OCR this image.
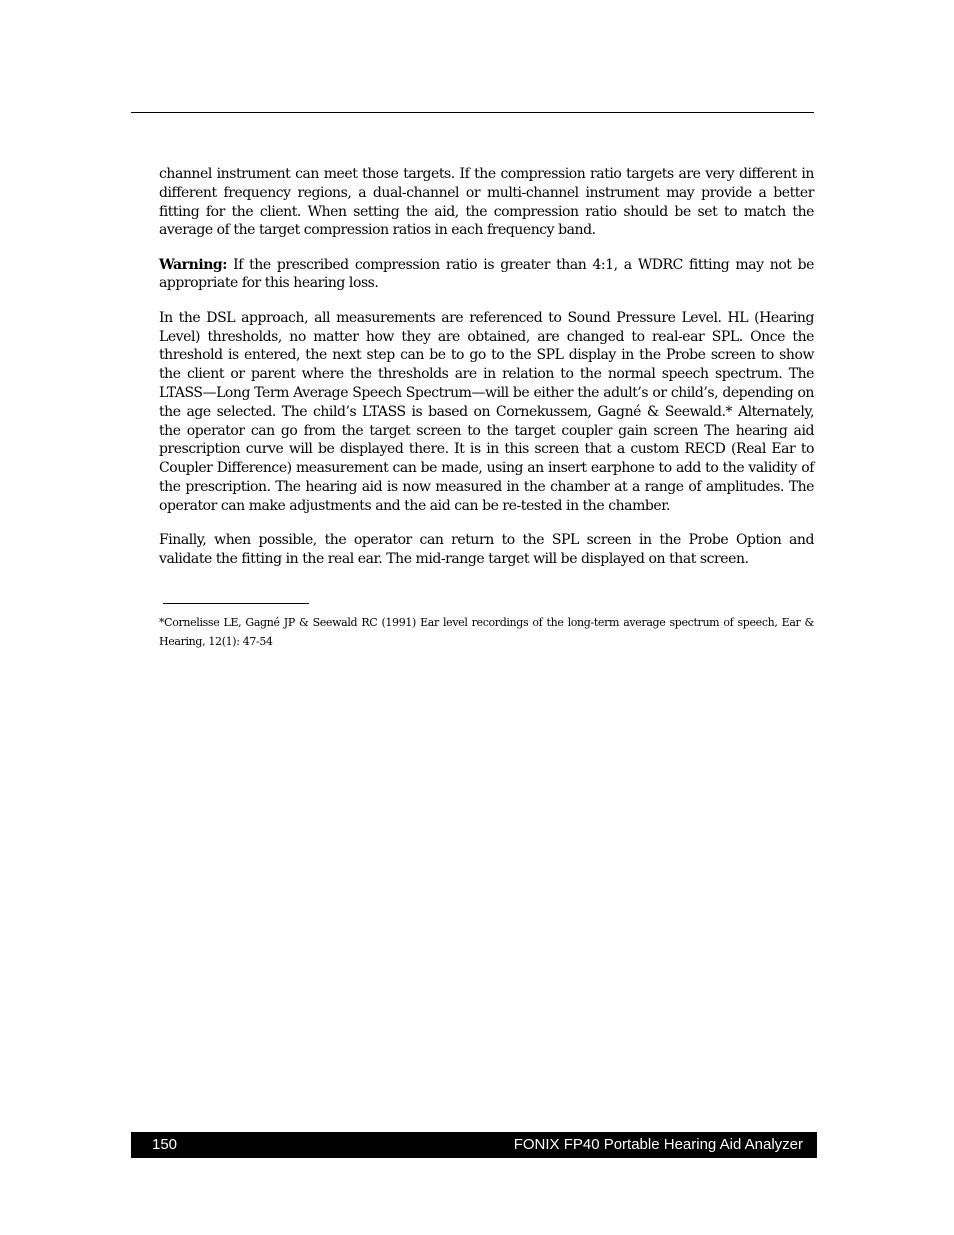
channel instrument can meet those targets. If the compression ratio targets are very different in different frequency regions, a dual-channel or multi-channel instrument may provide a better fitting for the client. When setting the aid, the compression ratio should be set to match the average of the target compression ratios in each frequency band.

Warning: If the prescribed compression ratio is greater than 4:1, a WDRC fitting may not be appropriate for this hearing loss.

In the DSL approach, all measurements are referenced to Sound Pressure Level. HL (Hearing Level) thresholds, no matter how they are obtained, are changed to real-ear SPL. Once the threshold is entered, the next step can be to go to the SPL display in the Probe screen to show the client or parent where the thresholds are in relation to the normal speech spectrum. The LTASS—Long Term Average Speech Spectrum—will be either the adult’s or child’s, depending on the age selected. The child’s LTASS is based on Cornekussem, Gagné & Seewald.* Alternately, the operator can go from the target screen to the target coupler gain screen The hearing aid prescription curve will be displayed there. It is in this screen that a custom RECD (Real Ear to Coupler Difference) measurement can be made, using an insert earphone to add to the validity of the prescription. The hearing aid is now measured in the chamber at a range of amplitudes. The operator can make adjustments and the aid can be re-tested in the chamber.

Finally, when possible, the operator can return to the SPL screen in the Probe Option and validate the fitting in the real ear. The mid-range target will be displayed on that screen.

*Cornelisse LE, Gagné JP & Seewald RC (1991) Ear level recordings of the long-term average spectrum of speech, Ear & Hearing, 12(1): 47-54
150	FONIX FP40 Portable Hearing Aid Analyzer
